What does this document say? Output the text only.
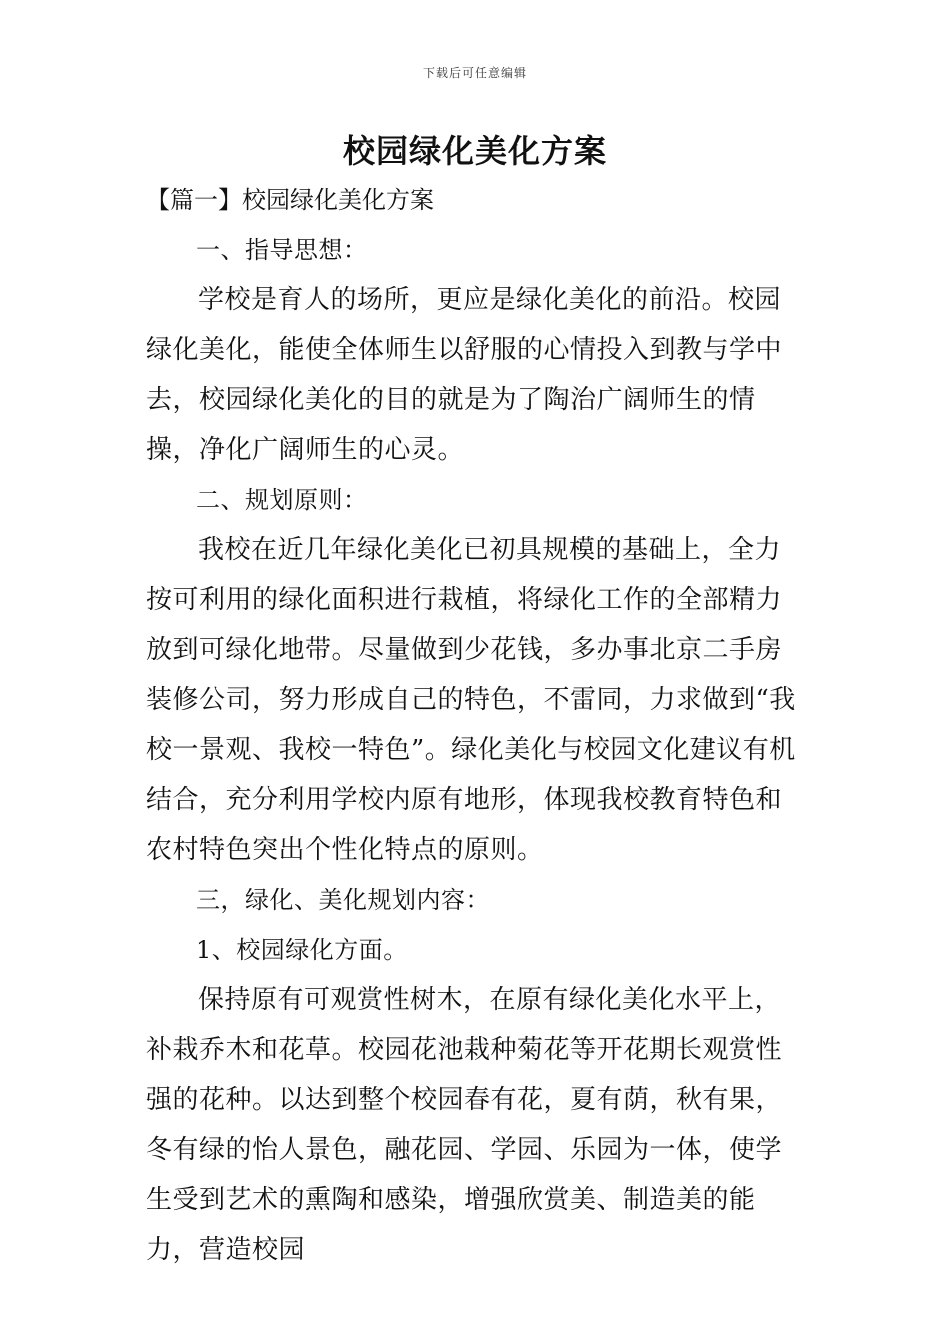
下载后可任意编辑
校园绿化美化方案
【篇一】校园绿化美化方案

一、指导思想：

学校是育人的场所，更应是绿化美化的前沿。校园绿化美化，能使全体师生以舒服的心情投入到教与学中去，校园绿化美化的目的就是为了陶治广阔师生的情操，净化广阔师生的心灵。

二、规划原则：

我校在近几年绿化美化已初具规模的基础上，全力按可利用的绿化面积进行栽植，将绿化工作的全部精力放到可绿化地带。尽量做到少花钱，多办事北京二手房装修公司，努力形成自己的特色，不雷同，力求做到“我校一景观、我校一特色”。绿化美化与校园文化建议有机结合，充分利用学校内原有地形，体现我校教育特色和农村特色突出个性化特点的原则。

三，绿化、美化规划内容：

1、校园绿化方面。

保持原有可观赏性树木，在原有绿化美化水平上，补栽乔木和花草。校园花池栽种菊花等开花期长观赏性强的花种。以达到整个校园春有花，夏有荫，秋有果，冬有绿的怡人景色，融花园、学园、乐园为一体，使学生受到艺术的熏陶和感染，增强欣赏美、制造美的能力，营造校园
